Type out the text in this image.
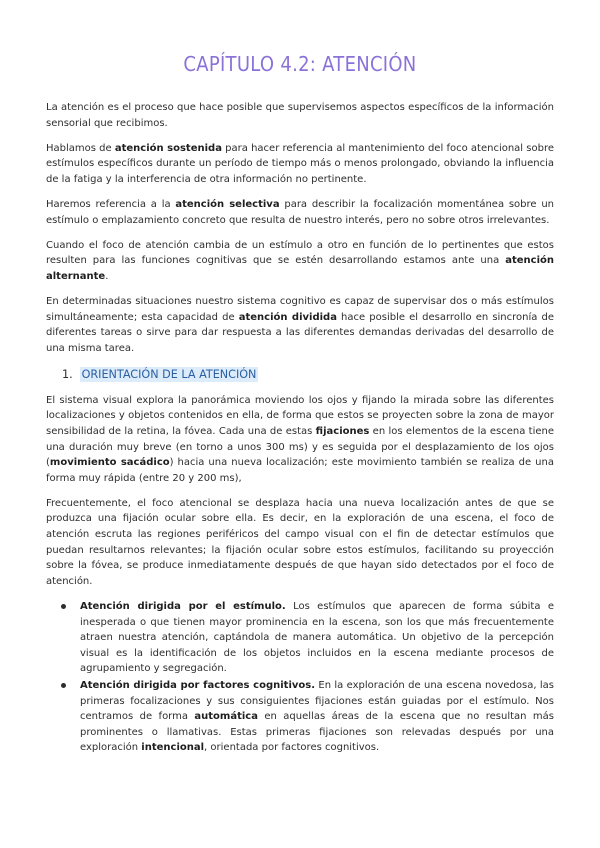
CAPÍTULO 4.2: ATENCIÓN

La atención es el proceso que hace posible que supervisemos aspectos específicos de la información sensorial que recibimos.

Hablamos de atención sostenida para hacer referencia al mantenimiento del foco atencional sobre estímulos específicos durante un período de tiempo más o menos prolongado, obviando la influencia de la fatiga y la interferencia de otra información no pertinente.

Haremos referencia a la atención selectiva para describir la focalización momentánea sobre un estímulo o emplazamiento concreto que resulta de nuestro interés, pero no sobre otros irrelevantes.

Cuando el foco de atención cambia de un estímulo a otro en función de lo pertinentes que estos resulten para las funciones cognitivas que se estén desarrollando estamos ante una atención alternante.

En determinadas situaciones nuestro sistema cognitivo es capaz de supervisar dos o más estímulos simultáneamente; esta capacidad de atención dividida hace posible el desarrollo en sincronía de diferentes tareas o sirve para dar respuesta a las diferentes demandas derivadas del desarrollo de una misma tarea.

1. ORIENTACIÓN DE LA ATENCIÓN

El sistema visual explora la panorámica moviendo los ojos y fijando la mirada sobre las diferentes localizaciones y objetos contenidos en ella, de forma que estos se proyecten sobre la zona de mayor sensibilidad de la retina, la fóvea. Cada una de estas fijaciones en los elementos de la escena tiene una duración muy breve (en torno a unos 300 ms) y es seguida por el desplazamiento de los ojos (movimiento sacádico) hacia una nueva localización; este movimiento también se realiza de una forma muy rápida (entre 20 y 200 ms),

Frecuentemente, el foco atencional se desplaza hacia una nueva localización antes de que se produzca una fijación ocular sobre ella. Es decir, en la exploración de una escena, el foco de atención escruta las regiones periféricos del campo visual con el fin de detectar estímulos que puedan resultarnos relevantes; la fijación ocular sobre estos estímulos, facilitando su proyección sobre la fóvea, se produce inmediatamente después de que hayan sido detectados por el foco de atención.

Atención dirigida por el estímulo. Los estímulos que aparecen de forma súbita e inesperada o que tienen mayor prominencia en la escena, son los que más frecuentemente atraen nuestra atención, captándola de manera automática. Un objetivo de la percepción visual es la identificación de los objetos incluidos en la escena mediante procesos de agrupamiento y segregación.

Atención dirigida por factores cognitivos. En la exploración de una escena novedosa, las primeras focalizaciones y sus consiguientes fijaciones están guiadas por el estímulo. Nos centramos de forma automática en aquellas áreas de la escena que no resultan más prominentes o llamativas. Estas primeras fijaciones son relevadas después por una exploración intencional, orientada por factores cognitivos.
